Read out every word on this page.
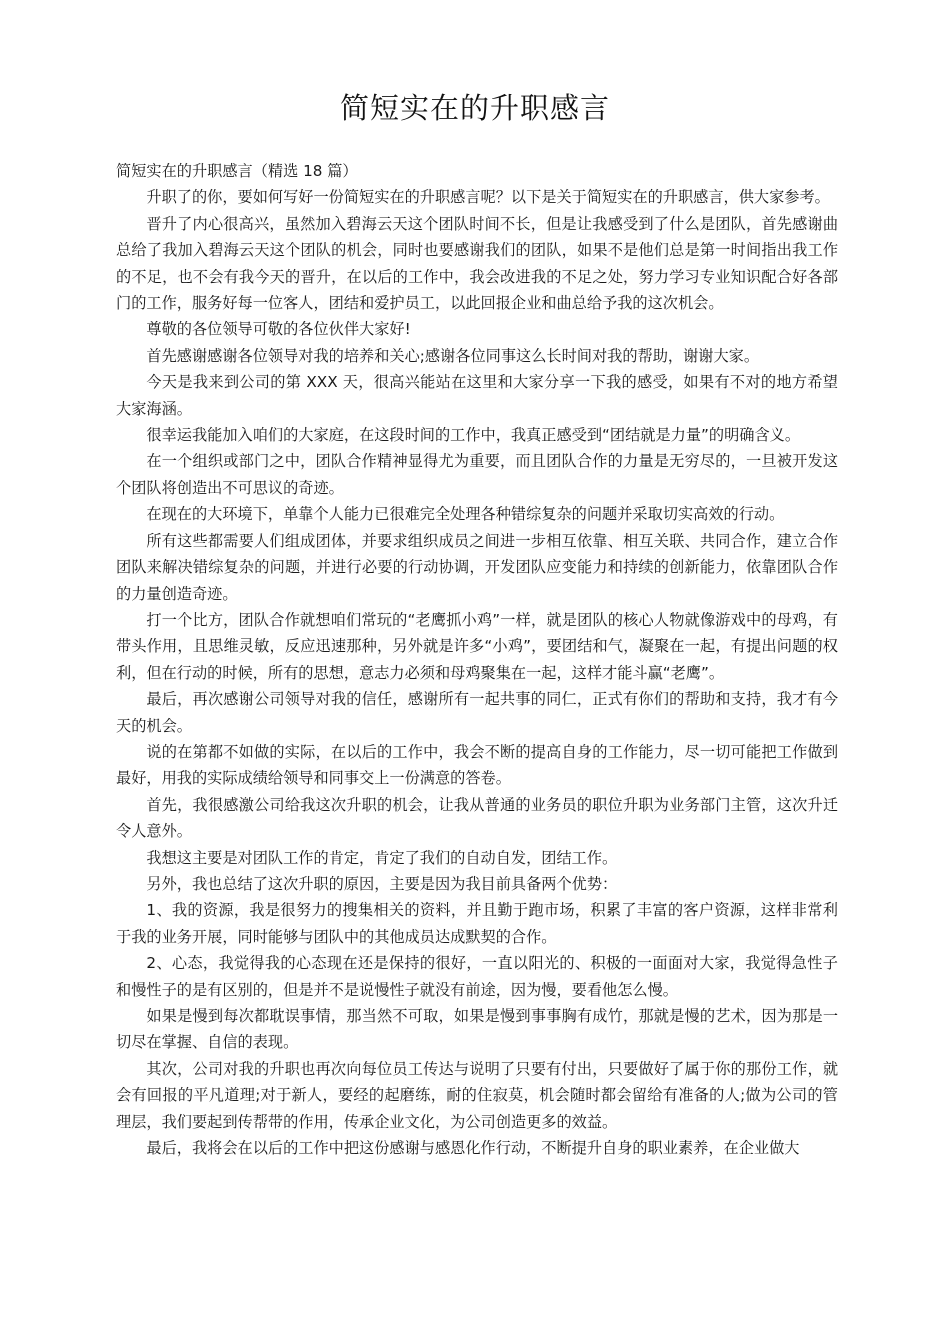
简短实在的升职感言

简短实在的升职感言（精选 18 篇）

升职了的你，要如何写好一份简短实在的升职感言呢？以下是关于简短实在的升职感言，供大家参考。

晋升了内心很高兴，虽然加入碧海云天这个团队时间不长，但是让我感受到了什么是团队，首先感谢曲总给了我加入碧海云天这个团队的机会，同时也要感谢我们的团队，如果不是他们总是第一时间指出我工作的不足，也不会有我今天的晋升，在以后的工作中，我会改进我的不足之处，努力学习专业知识配合好各部门的工作，服务好每一位客人，团结和爱护员工，以此回报企业和曲总给予我的这次机会。

尊敬的各位领导可敬的各位伙伴大家好!

首先感谢感谢各位领导对我的培养和关心;感谢各位同事这么长时间对我的帮助，谢谢大家。

今天是我来到公司的第 XXX 天，很高兴能站在这里和大家分享一下我的感受，如果有不对的地方希望大家海涵。

很幸运我能加入咱们的大家庭，在这段时间的工作中，我真正感受到“团结就是力量”的明确含义。

在一个组织或部门之中，团队合作精神显得尤为重要，而且团队合作的力量是无穷尽的，一旦被开发这个团队将创造出不可思议的奇迹。

在现在的大环境下，单靠个人能力已很难完全处理各种错综复杂的问题并采取切实高效的行动。

所有这些都需要人们组成团体，并要求组织成员之间进一步相互依靠、相互关联、共同合作，建立合作团队来解决错综复杂的问题，并进行必要的行动协调，开发团队应变能力和持续的创新能力，依靠团队合作的力量创造奇迹。

打一个比方，团队合作就想咱们常玩的“老鹰抓小鸡”一样，就是团队的核心人物就像游戏中的母鸡，有带头作用，且思维灵敏，反应迅速那种，另外就是许多“小鸡”，要团结和气，凝聚在一起，有提出问题的权利，但在行动的时候，所有的思想，意志力必须和母鸡聚集在一起，这样才能斗赢“老鹰”。

最后，再次感谢公司领导对我的信任，感谢所有一起共事的同仁，正式有你们的帮助和支持，我才有今天的机会。

说的在第都不如做的实际，在以后的工作中，我会不断的提高自身的工作能力，尽一切可能把工作做到最好，用我的实际成绩给领导和同事交上一份满意的答卷。

首先，我很感激公司给我这次升职的机会，让我从普通的业务员的职位升职为业务部门主管，这次升迁令人意外。

我想这主要是对团队工作的肯定，肯定了我们的自动自发，团结工作。

另外，我也总结了这次升职的原因，主要是因为我目前具备两个优势：

1、我的资源，我是很努力的搜集相关的资料，并且勤于跑市场，积累了丰富的客户资源，这样非常利于我的业务开展，同时能够与团队中的其他成员达成默契的合作。

2、心态，我觉得我的心态现在还是保持的很好，一直以阳光的、积极的一面面对大家，我觉得急性子和慢性子的是有区别的，但是并不是说慢性子就没有前途，因为慢，要看他怎么慢。

如果是慢到每次都耽误事情，那当然不可取，如果是慢到事事胸有成竹，那就是慢的艺术，因为那是一切尽在掌握、自信的表现。

其次，公司对我的升职也再次向每位员工传达与说明了只要有付出，只要做好了属于你的那份工作，就会有回报的平凡道理;对于新人，要经的起磨练，耐的住寂莫，机会随时都会留给有准备的人;做为公司的管理层，我们要起到传帮带的作用，传承企业文化，为公司创造更多的效益。

最后，我将会在以后的工作中把这份感谢与感恩化作行动，不断提升自身的职业素养，在企业做大
